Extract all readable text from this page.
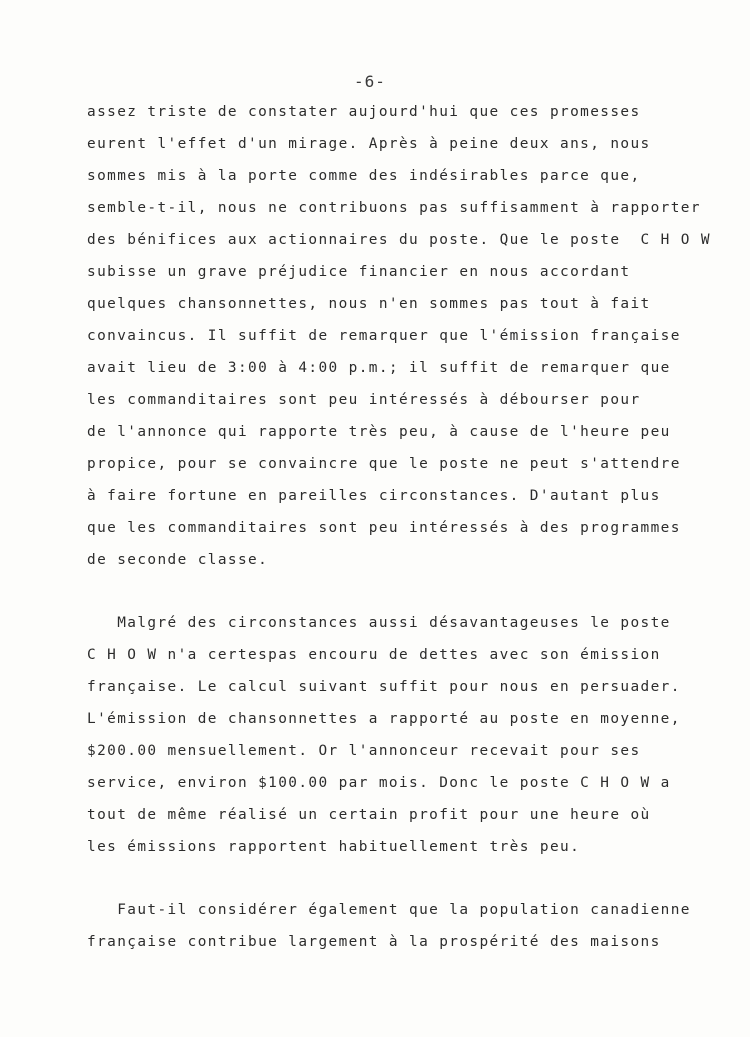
-6-
assez triste de constater aujourd'hui que ces promesses
eurent l'effet d'un mirage. Après à peine deux ans, nous
sommes mis à la porte comme des indésirables parce que,
semble-t-il, nous ne contribuons pas suffisamment à rapporter
des bénifices aux actionnaires du poste. Que le poste  C H O W
subisse un grave préjudice financier en nous accordant
quelques chansonnettes, nous n'en sommes pas tout à fait
convaincus. Il suffit de remarquer que l'émission française
avait lieu de 3:00 à 4:00 p.m.; il suffit de remarquer que
les commanditaires sont peu intéressés à débourser pour
de l'annonce qui rapporte très peu, à cause de l'heure peu
propice, pour se convaincre que le poste ne peut s'attendre
à faire fortune en pareilles circonstances. D'autant plus
que les commanditaires sont peu intéressés à des programmes
de seconde classe.
Malgré des circonstances aussi désavantageuses le poste
C H O W n'a certespas encouru de dettes avec son émission
française. Le calcul suivant suffit pour nous en persuader.
L'émission de chansonnettes a rapporté au poste en moyenne,
$200.00 mensuellement. Or l'annonceur recevait pour ses
service, environ $100.00 par mois. Donc le poste C H O W a
tout de même réalisé un certain profit pour une heure où
les émissions rapportent habituellement très peu.
Faut-il considérer également que la population canadienne
française contribue largement à la prospérité des maisons
